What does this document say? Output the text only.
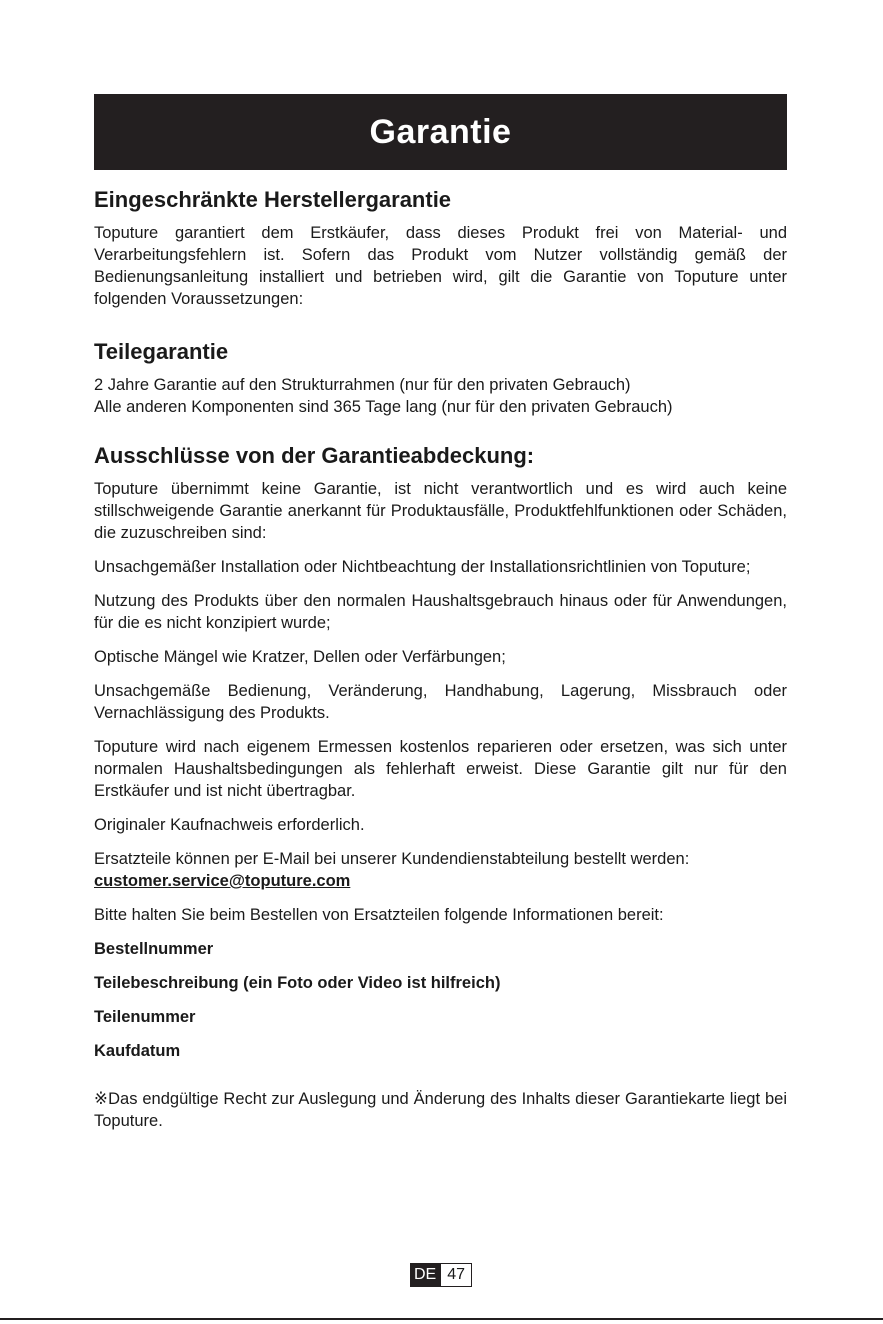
Garantie
Eingeschränkte Herstellergarantie

Toputure garantiert dem Erstkäufer, dass dieses Produkt frei von Material- und Verarbeitungsfehlern ist. Sofern das Produkt vom Nutzer vollständig gemäß der Bedienungsanleitung installiert und betrieben wird, gilt die Garantie von Toputure unter folgenden Voraussetzungen:

Teilegarantie

2 Jahre Garantie auf den Strukturrahmen (nur für den privaten Gebrauch)

Alle anderen Komponenten sind 365 Tage lang (nur für den privaten Gebrauch)

Ausschlüsse von der Garantieabdeckung:

Toputure übernimmt keine Garantie, ist nicht verantwortlich und es wird auch keine stillschweigende Garantie anerkannt für Produktausfälle, Produktfehlfunktionen oder Schäden, die zuzuschreiben sind:

Unsachgemäßer Installation oder Nichtbeachtung der Installationsrichtlinien von Toputure;

Nutzung des Produkts über den normalen Haushaltsgebrauch hinaus oder für Anwendungen, für die es nicht konzipiert wurde;

Optische Mängel wie Kratzer, Dellen oder Verfärbungen;

Unsachgemäße Bedienung, Veränderung, Handhabung, Lagerung, Missbrauch oder Vernachlässigung des Produkts.

Toputure wird nach eigenem Ermessen kostenlos reparieren oder ersetzen, was sich unter normalen Haushaltsbedingungen als fehlerhaft erweist. Diese Garantie gilt nur für den Erstkäufer und ist nicht übertragbar.

Originaler Kaufnachweis erforderlich.

Ersatzteile können per E-Mail bei unserer Kundendienstabteilung bestellt werden:
customer.service@toputure.com

Bitte halten Sie beim Bestellen von Ersatzteilen folgende Informationen bereit:

Bestellnummer

Teilebeschreibung (ein Foto oder Video ist hilfreich)

Teilenummer

Kaufdatum

※Das endgültige Recht zur Auslegung und Änderung des Inhalts dieser Garantiekarte liegt bei Toputure.

DE 47
